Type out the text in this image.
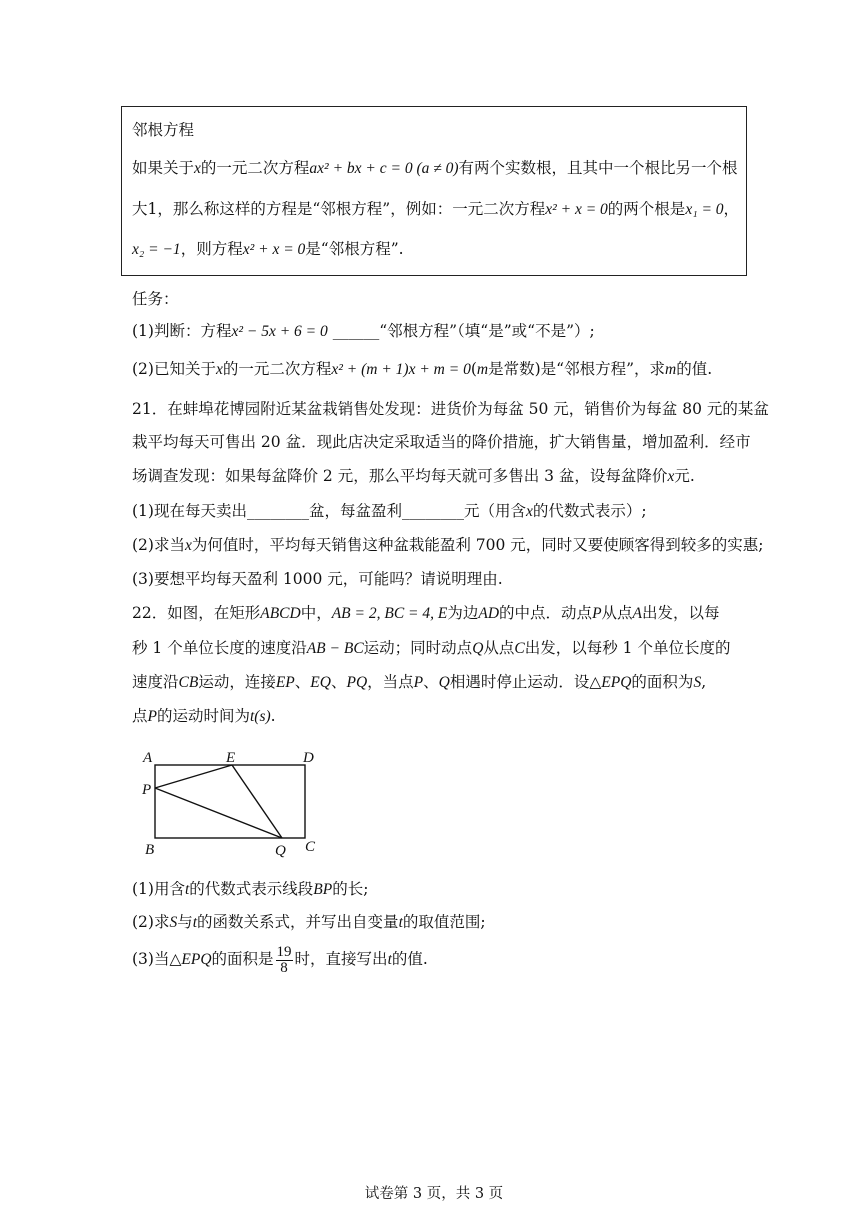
邻根方程
如果关于x的一元二次方程ax² + bx + c = 0 (a ≠ 0)有两个实数根，且其中一个根比另一个根
大1，那么称这样的方程是“邻根方程”，例如：一元二次方程x² + x = 0的两个根是x₁ = 0，
x₂ = −1，则方程x² + x = 0是“邻根方程”.
任务：
(1)判断：方程x² − 5x + 6 = 0 ______“邻根方程”（填“是”或“不是”）;
(2)已知关于x的一元二次方程x² + (m + 1)x + m = 0(m是常数)是“邻根方程”，求m的值.
21．在蚌埠花博园附近某盆栽销售处发现：进货价为每盆 50 元，销售价为每盆 80 元的某盆
栽平均每天可售出 20 盆．现此店决定采取适当的降价措施，扩大销售量，增加盈利．经市
场调查发现：如果每盆降价 2 元，那么平均每天就可多售出 3 盆，设每盆降价x元.
(1)现在每天卖出________盆，每盆盈利________元（用含x的代数式表示）;
(2)求当x为何值时，平均每天销售这种盆栽能盈利 700 元，同时又要使顾客得到较多的实惠;
(3)要想平均每天盈利 1000 元，可能吗？请说明理由.
22．如图，在矩形ABCD中，AB = 2, BC = 4, E为边AD的中点．动点P从点A出发，以每
秒 1 个单位长度的速度沿AB − BC运动；同时动点Q从点C出发，以每秒 1 个单位长度的
速度沿CB运动，连接EP、EQ、PQ，当点P、Q相遇时停止运动．设△EPQ的面积为S,
点P的运动时间为t(s).
A	E	D
P
B	Q C
(1)用含t的代数式表示线段BP的长;
(2)求S与t的函数关系式，并写出自变量t的取值范围;
(3)当△EPQ的面积是 $\frac{19}{8}$ 时，直接写出t的值.
试卷第 3 页，共 3 页
